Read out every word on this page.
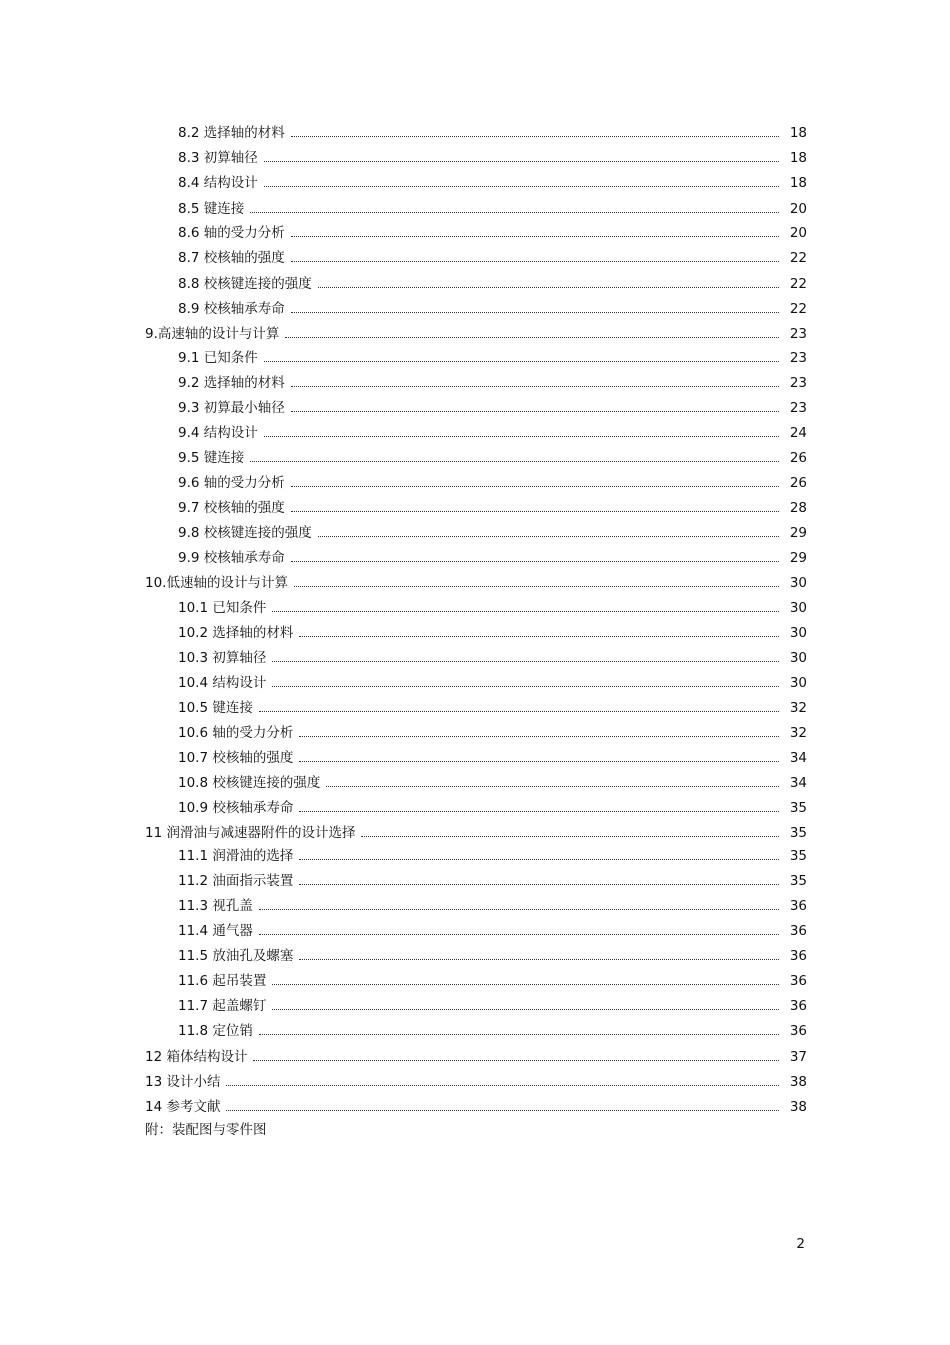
8.2 选择轴的材料	18
8.3 初算轴径	18
8.4 结构设计	18
8.5 键连接	20
8.6 轴的受力分析	20
8.7 校核轴的强度	22
8.8 校核键连接的强度	22
8.9 校核轴承寿命	22
9.高速轴的设计与计算	23
9.1 已知条件	23
9.2 选择轴的材料	23
9.3 初算最小轴径	23
9.4 结构设计	24
9.5 键连接	26
9.6 轴的受力分析	26
9.7 校核轴的强度	28
9.8 校核键连接的强度	29
9.9 校核轴承寿命	29
10.低速轴的设计与计算	30
10.1 已知条件	30
10.2 选择轴的材料	30
10.3 初算轴径	30
10.4 结构设计	30
10.5 键连接	32
10.6 轴的受力分析	32
10.7 校核轴的强度	34
10.8 校核键连接的强度	34
10.9 校核轴承寿命	35
11 润滑油与减速器附件的设计选择	35
11.1 润滑油的选择	35
11.2 油面指示装置	35
11.3 视孔盖	36
11.4 通气器	36
11.5 放油孔及螺塞	36
11.6 起吊装置	36
11.7 起盖螺钉	36
11.8 定位销	36
12 箱体结构设计	37
13 设计小结	38
14 参考文献	38
附：装配图与零件图
2
